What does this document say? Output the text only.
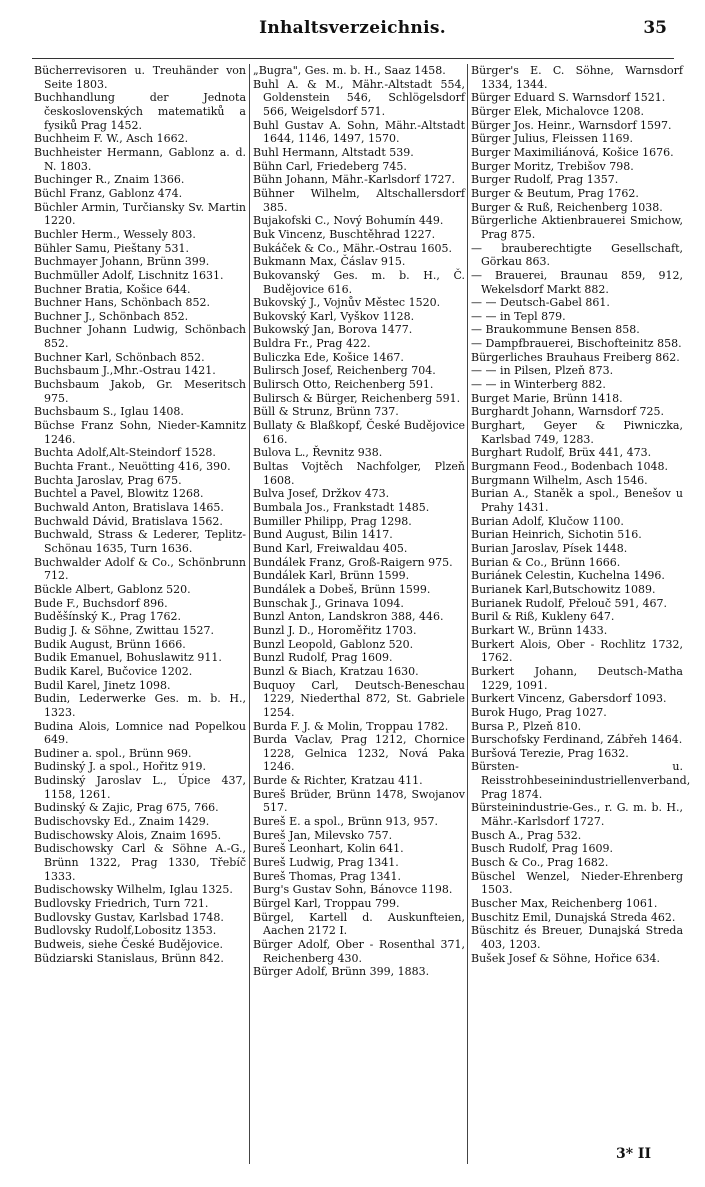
Inhaltsverzeichnis.	35

Bücherrevisoren u. Treuhänder von Seite 1803.

Buchhandlung der Jednota československých matematiků a fysiků Prag 1452.

Buchheim F. W., Asch 1662.

Buchheister Hermann, Gablonz a. d. N. 1803.

Buchinger R., Znaim 1366.

Büchl Franz, Gablonz 474.

Büchler Armin, Turčiansky Sv. Martin 1220.

Buchler Herm., Wessely 803.

Bühler Samu, Pieštany 531.

Buchmayer Johann, Brünn 399.

Buchmüller Adolf, Lischnitz 1631.

Buchner Bratia, Košice 644.

Buchner Hans, Schönbach 852.

Buchner J., Schönbach 852.

Buchner Johann Ludwig, Schönbach 852.

Buchner Karl, Schönbach 852.

Buchsbaum J.,Mhr.-Ostrau 1421.

Buchsbaum Jakob, Gr. Meseritsch 975.

Buchsbaum S., Iglau 1408.

Büchse Franz Sohn, Nieder-Kamnitz 1246.

Buchta Adolf,Alt-Steindorf 1528.

Buchta Frant., Neuötting 416, 390.

Buchta Jaroslav, Prag 675.

Buchtel a Pavel, Blowitz 1268.

Buchwald Anton, Bratislava 1465.

Buchwald Dávid, Bratislava 1562.

Buchwald, Strass & Lederer, Teplitz-Schönau 1635, Turn 1636.

Buchwalder Adolf & Co., Schönbrunn 712.

Bückle Albert, Gablonz 520.

Bude F., Buchsdorf 896.

Buděšínský K., Prag 1762.

Budig J. & Söhne, Zwittau 1527.

Budik August, Brünn 1666.

Budik Emanuel, Bohuslawitz 911.

Budik Karel, Bučovice 1202.

Budil Karel, Jinetz 1098.

Budin, Lederwerke Ges. m. b. H., 1323.

Budina Alois, Lomnice nad Popelkou 649.

Budiner a. spol., Brünn 969.

Budinský J. a spol., Hořitz 919.

Budinský Jaroslav L., Úpice 437, 1158, 1261.

Budinský & Zajic, Prag 675, 766.

Budischovsky Ed., Znaim 1429.

Budischowsky Alois, Znaim 1695.

Budischowsky Carl & Söhne A.-G., Brünn 1322, Prag 1330, Třebíč 1333.

Budischowsky Wilhelm, Iglau 1325.

Budlovsky Friedrich, Turn 721.

Budlovsky Gustav, Karlsbad 1748.

Budlovsky Rudolf,Lobositz 1353.

Budweis, siehe České Budějovice.

Büdziarski Stanislaus, Brünn 842.

„Bugra", Ges. m. b. H., Saaz 1458.

Buhl A. & M., Mähr.-Altstadt 554, Goldenstein 546, Schlögelsdorf 566, Weigelsdorf 571.

Buhl Gustav A. Sohn, Mähr.-Altstadt 1644, 1146, 1497, 1570.

Buhl Hermann, Altstadt 539.

Bühn Carl, Friedeberg 745.

Bühn Johann, Mähr.-Karlsdorf 1727.

Bühner Wilhelm, Altschallersdorf 385.

Bujakofski C., Nový Bohumín 449.

Buk Vincenz, Buschtěhrad 1227.

Bukáček & Co., Mähr.-Ostrau 1605.

Bukmann Max, Čáslav 915.

Bukovanský Ges. m. b. H., Č. Budějovice 616.

Bukovský J., Vojnův Městec 1520.

Bukovský Karl, Vyškov 1128.

Bukowský Jan, Borova 1477.

Buldra Fr., Prag 422.

Buliczka Ede, Košice 1467.

Bulirsch Josef, Reichenberg 704.

Bulirsch Otto, Reichenberg 591.

Bulirsch & Bürger, Reichenberg 591.

Büll & Strunz, Brünn 737.

Bullaty & Blaßkopf, České Budějovice 616.

Bulova L., Řevnitz 938.

Bultas Vojtěch Nachfolger, Plzeň 1608.

Bulva Josef, Držkov 473.

Bumbala Jos., Frankstadt 1485.

Bumiller Philipp, Prag 1298.

Bund August, Bilin 1417.

Bund Karl, Freiwaldau 405.

Bundálek Franz, Groß-Raigern 975.

Bundálek Karl, Brünn 1599.

Bundálek a Dobeš, Brünn 1599.

Bunschak J., Grinava 1094.

Bunzl Anton, Landskron 388, 446.

Bunzl J. D., Horoměřitz 1703.

Bunzl Leopold, Gablonz 520.

Bunzl Rudolf, Prag 1609.

Bunzl & Biach, Kratzau 1630.

Buquoy Carl, Deutsch-Beneschau 1229, Niederthal 872, St. Gabriele 1254.

Burda F. J. & Molin, Troppau 1782.

Burda Vaclav, Prag 1212, Chornice 1228, Gelnica 1232, Nová Paka 1246.

Burde & Richter, Kratzau 411.

Bureš Brüder, Brünn 1478, Swojanov 517.

Bureš E. a spol., Brünn 913, 957.

Bureš Jan, Milevsko 757.

Bureš Leonhart, Kolin 641.

Bureš Ludwig, Prag 1341.

Bureš Thomas, Prag 1341.

Burg's Gustav Sohn, Bánovce 1198.

Bürgel Karl, Troppau 799.

Bürgel, Kartell d. Auskunfteien, Aachen 2172 I.

Bürger Adolf, Ober - Rosenthal 371, Reichenberg 430.

Bürger Adolf, Brünn 399, 1883.

Bürger's E. C. Söhne, Warnsdorf 1334, 1344.

Bürger Eduard S. Warnsdorf 1521.

Bürger Elek, Michalovce 1208.

Bürger Jos. Heinr., Warnsdorf 1597.

Bürger Julius, Fleissen 1169.

Burger Maximiliánová, Košice 1676.

Burger Moritz, Trebišov 798.

Burger Rudolf, Prag 1357.

Burger & Beutum, Prag 1762.

Burger & Ruß, Reichenberg 1038.

Bürgerliche Aktienbrauerei Smichow, Prag 875.

— brauberechtigte Gesellschaft, Görkau 863.

— Brauerei, Braunau 859, 912, Wekelsdorf Markt 882.

— — Deutsch-Gabel 861.

— — in Tepl 879.

— Braukommune Bensen 858.

— Dampfbrauerei, Bischofteinitz 858.

Bürgerliches Brauhaus Freiberg 862.

— — in Pilsen, Plzeň 873.

— — in Winterberg 882.

Burget Marie, Brünn 1418.

Burghardt Johann, Warnsdorf 725.

Burghart, Geyer & Piwniczka, Karlsbad 749, 1283.

Burghart Rudolf, Brüx 441, 473.

Burgmann Feod., Bodenbach 1048.

Burgmann Wilhelm, Asch 1546.

Burian A., Staněk a spol., Benešov u Prahy 1431.

Burian Adolf, Klučow 1100.

Burian Heinrich, Sichotin 516.

Burian Jaroslav, Písek 1448.

Burian & Co., Brünn 1666.

Buriánek Celestin, Kuchelna 1496.

Burianek Karl,Butschowitz 1089.

Burianek Rudolf, Přelouč 591, 467.

Buril & Riß, Kukleny 647.

Burkart W., Brünn 1433.

Burkert Alois, Ober - Rochlitz 1732, 1762.

Burkert Johann, Deutsch-Matha 1229, 1091.

Burkert Vincenz, Gabersdorf 1093.

Burok Hugo, Prag 1027.

Bursa P., Plzeň 810.

Burschofsky Ferdinand, Zábřeh 1464.

Buršová Terezie, Prag 1632.

Bürsten- u. Reisstrohbeseinindustriellenverband, Prag 1874.

Bürsteinindustrie-Ges., r. G. m. b. H., Mähr.-Karlsdorf 1727.

Busch A., Prag 532.

Busch Rudolf, Prag 1609.

Busch & Co., Prag 1682.

Büschel Wenzel, Nieder-Ehrenberg 1503.

Buscher Max, Reichenberg 1061.

Buschitz Emil, Dunajská Streda 462.

Büschitz és Breuer, Dunajská Streda 403, 1203.

Bušek Josef & Söhne, Hořice 634.

3* II
